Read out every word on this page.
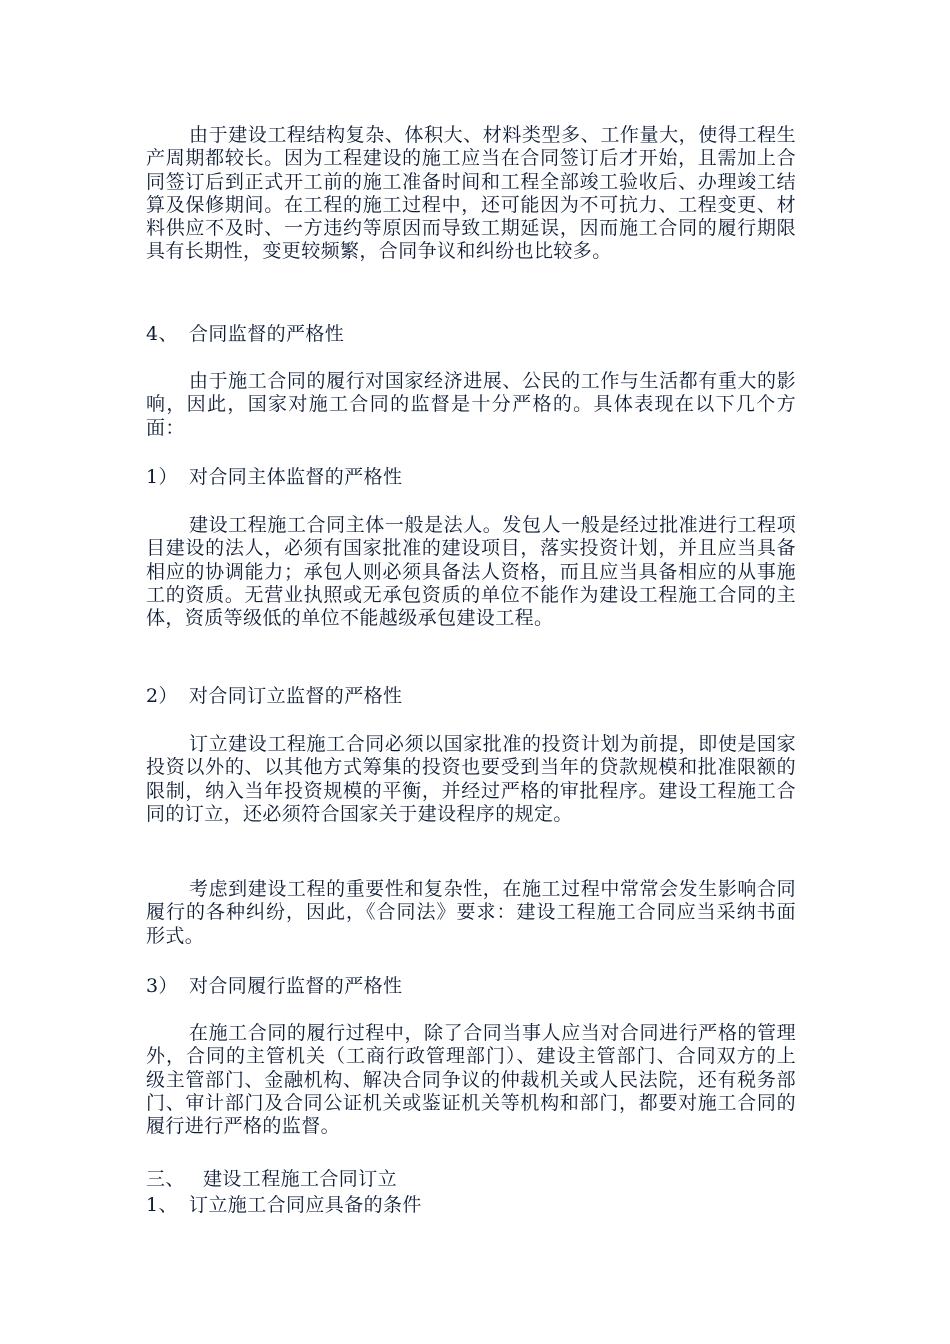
由于建设工程结构复杂、体积大、材料类型多、工作量大，使得工程生产周期都较长。因为工程建设的施工应当在合同签订后才开始，且需加上合同签订后到正式开工前的施工准备时间和工程全部竣工验收后、办理竣工结算及保修期间。在工程的施工过程中，还可能因为不可抗力、工程变更、材料供应不及时、一方违约等原因而导致工期延误，因而施工合同的履行期限具有长期性，变更较频繁，合同争议和纠纷也比较多。

4、 合同监督的严格性

由于施工合同的履行对国家经济进展、公民的工作与生活都有重大的影响，因此，国家对施工合同的监督是十分严格的。具体表现在以下几个方面：

1） 对合同主体监督的严格性

建设工程施工合同主体一般是法人。发包人一般是经过批准进行工程项目建设的法人，必须有国家批准的建设项目，落实投资计划，并且应当具备相应的协调能力；承包人则必须具备法人资格，而且应当具备相应的从事施工的资质。无营业执照或无承包资质的单位不能作为建设工程施工合同的主体，资质等级低的单位不能越级承包建设工程。

2） 对合同订立监督的严格性

订立建设工程施工合同必须以国家批准的投资计划为前提，即使是国家投资以外的、以其他方式筹集的投资也要受到当年的贷款规模和批准限额的限制，纳入当年投资规模的平衡，并经过严格的审批程序。建设工程施工合同的订立，还必须符合国家关于建设程序的规定。

考虑到建设工程的重要性和复杂性，在施工过程中常常会发生影响合同履行的各种纠纷，因此，《合同法》要求：建设工程施工合同应当采纳书面形式。

3） 对合同履行监督的严格性

在施工合同的履行过程中，除了合同当事人应当对合同进行严格的管理外，合同的主管机关（工商行政管理部门）、建设主管部门、合同双方的上级主管部门、金融机构、解决合同争议的仲裁机关或人民法院，还有税务部门、审计部门及合同公证机关或鉴证机关等机构和部门，都要对施工合同的履行进行严格的监督。

三、 建设工程施工合同订立
1、 订立施工合同应具备的条件
